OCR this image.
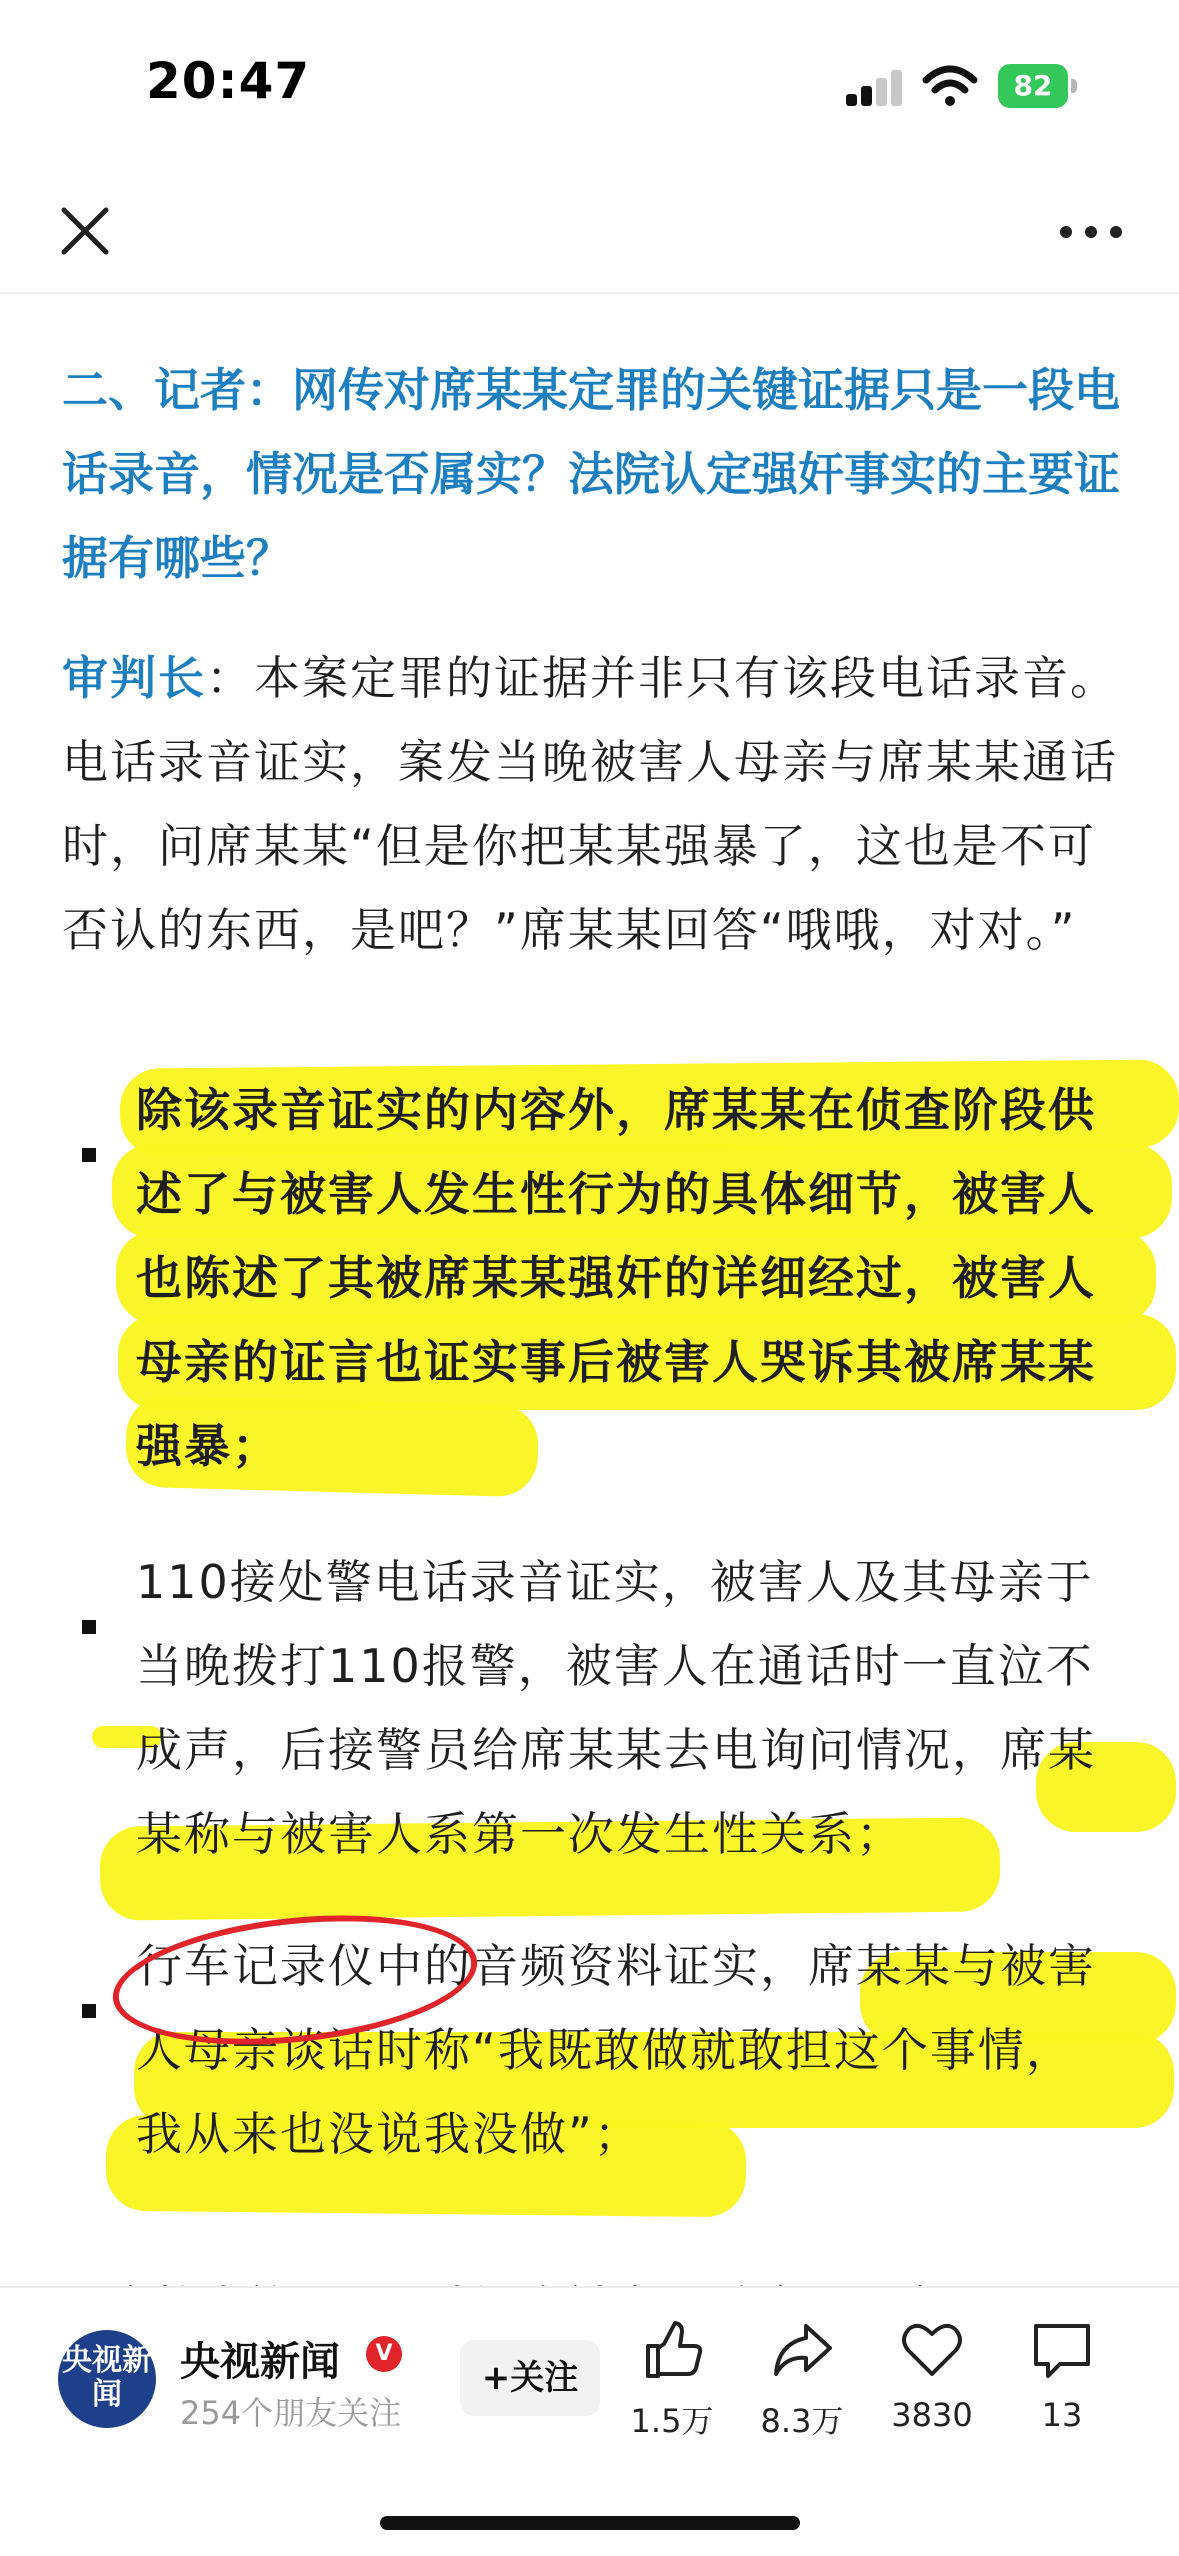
20:47	82
二、记者：网传对席某某定罪的关键证据只是一段电话录音，情况是否属实？法院认定强奸事实的主要证据有哪些？
审判长：本案定罪的证据并非只有该段电话录音。电话录音证实，案发当晚被害人母亲与席某某通话时，问席某某“但是你把某某强暴了，这也是不可否认的东西，是吧？”席某某回答“哦哦，对对。”
除该录音证实的内容外，席某某在侦查阶段供述了与被害人发生性行为的具体细节，被害人也陈述了其被席某某强奸的详细经过，被害人母亲的证言也证实事后被害人哭诉其被席某某强暴；
110接处警电话录音证实，被害人及其母亲于当晚拨打110报警，被害人在通话时一直泣不成声，后接警员给席某某去电询问情况，席某某称与被害人系第一次发生性关系；
行车记录仪中的音频资料证实，席某某与被害人母亲谈话时称“我既敢做就敢担这个事情，我从来也没说我没做”；
央视新闻
央视新闻	V
254个朋友关注
+关注
1.5万	8.3万	3830	13
